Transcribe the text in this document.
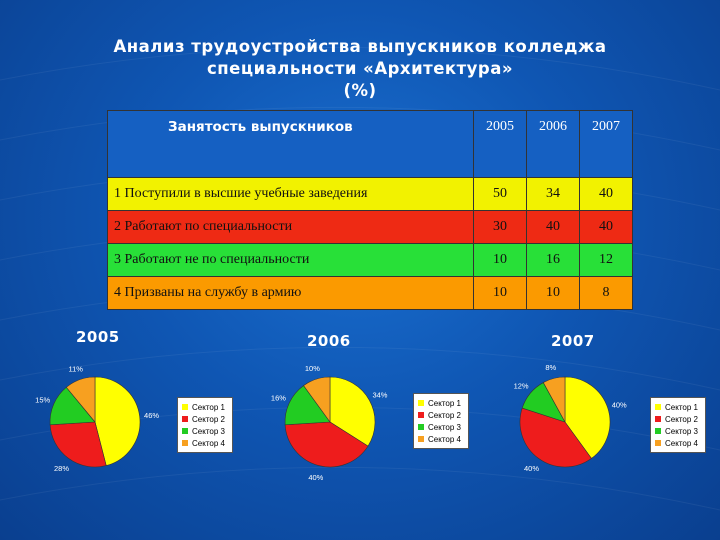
Анализ трудоустройства выпускников колледжа
специальности «Архитектура»
(%)
Занятость выпускников	2005	2006	2007
1 Поступили в высшие учебные заведения	50	34	40
2 Работают по специальности	30	40	40
3 Работают не по специальности	10	16	12
4 Призваны на службу в армию	10	10	8
2005	2006	2007
46%
28%
15%
11%
34%
40%
16%
10%
40%
40%
12%
8%
Сектор 1
Сектор 2
Сектор 3
Сектор 4
Сектор 1
Сектор 2
Сектор 3
Сектор 4
Сектор 1
Сектор 2
Сектор 3
Сектор 4
